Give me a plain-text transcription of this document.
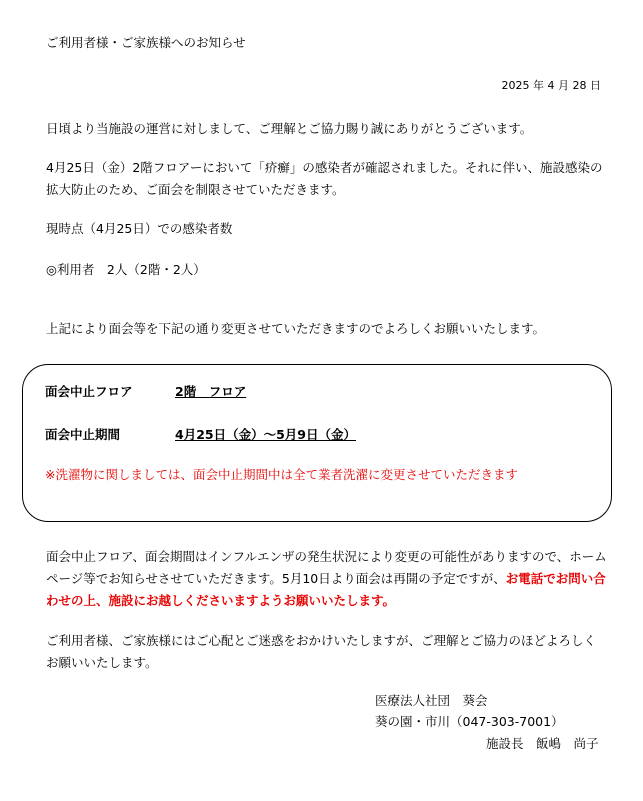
ご利用者様・ご家族様へのお知らせ
2025 年 4 月 28 日
日頃より当施設の運営に対しまして、ご理解とご協力賜り誠にありがとうございます。
4月25日（金）2階フロアーにおいて「疥癬」の感染者が確認されました。それに伴い、施設感染の拡大防止のため、ご面会を制限させていただきます。
現時点（4月25日）での感染者数
◎利用者　2人（2階・2人）
上記により面会等を下記の通り変更させていただきますのでよろしくお願いいたします。
面会中止フロア	2階　フロア
面会中止期間	4月25日（金）～5月9日（金）
※洗濯物に関しましては、面会中止期間中は全て業者洗濯に変更させていただきます
面会中止フロア、面会期間はインフルエンザの発生状況により変更の可能性がありますので、ホームページ等でお知らせさせていただきます。5月10日より面会は再開の予定ですが、お電話でお問い合わせの上、施設にお越しくださいますようお願いいたします。
ご利用者様、ご家族様にはご心配とご迷惑をおかけいたしますが、ご理解とご協力のほどよろしくお願いいたします。
医療法人社団　葵会
葵の園・市川（047-303-7001）
施設長　飯嶋　尚子
